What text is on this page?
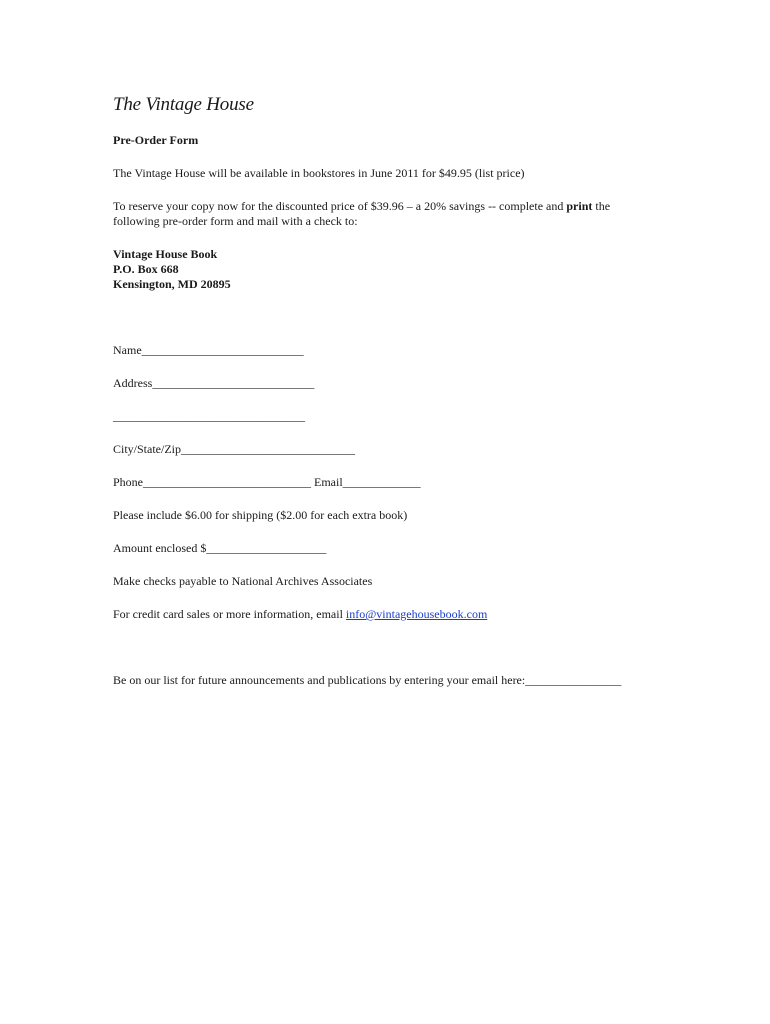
The Vintage House
Pre-Order Form
The Vintage House will be available in bookstores in June 2011 for $49.95 (list price)
To reserve your copy now for the discounted price of $39.96 – a 20% savings -- complete and print the
following pre-order form and mail with a check to:
Vintage House Book
P.O. Box 668
Kensington, MD 20895
Name___________________________
Address___________________________
________________________________
City/State/Zip_____________________________
Phone____________________________ Email_____________
Please include $6.00 for shipping ($2.00 for each extra book)
Amount enclosed $____________________
Make checks payable to National Archives Associates
For credit card sales or more information, email info@vintagehousebook.com
Be on our list for future announcements and publications by entering your email here:________________
